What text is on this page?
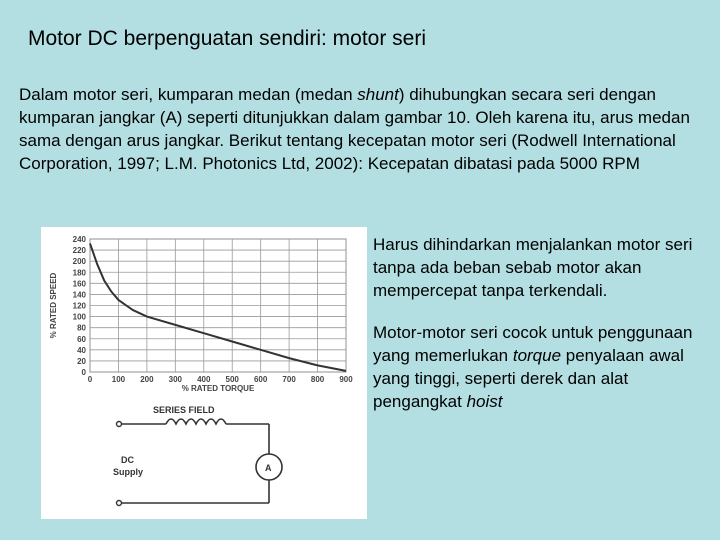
Motor DC berpenguatan sendiri: motor seri

Dalam motor seri, kumparan medan (medan shunt) dihubungkan secara seri dengan kumparan jangkar (A) seperti ditunjukkan dalam gambar 10. Oleh karena itu, arus medan sama dengan arus jangkar. Berikut tentang kecepatan motor seri (Rodwell International Corporation, 1997; L.M. Photonics Ltd, 2002): Kecepatan dibatasi pada 5000 RPM

0
20
40
60
80
100
120
140
160
180
200
220
240
0 100 200 300 400 500 600 700 800 900
% RATED TORQUE
% RATED SPEED
SERIES FIELD
A
DC
Supply

Harus dihindarkan menjalankan motor seri tanpa ada beban sebab motor akan mempercepat tanpa terkendali.

Motor-motor seri cocok untuk penggunaan yang memerlukan torque penyalaan awal yang tinggi, seperti derek dan alat pengangkat hoist
